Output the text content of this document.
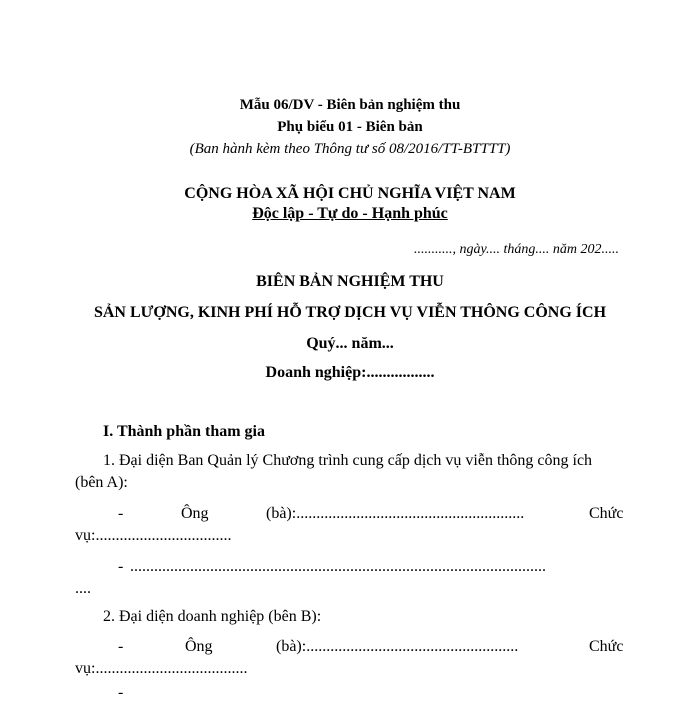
Mẫu 06/DV - Biên bản nghiệm thu
Phụ biểu 01 - Biên bản
(Ban hành kèm theo Thông tư số 08/2016/TT-BTTTT)
CỘNG HÒA XÃ HỘI CHỦ NGHĨA VIỆT NAM
Độc lập - Tự do - Hạnh phúc
..........., ngày.... tháng.... năm 202.....
BIÊN BẢN NGHIỆM THU
SẢN LƯỢNG, KINH PHÍ HỖ TRỢ DỊCH VỤ VIỄN THÔNG CÔNG ÍCH
Quý... năm...
Doanh nghiệp:.................
I. Thành phần tham gia
1. Đại diện Ban Quản lý Chương trình cung cấp dịch vụ viễn thông công ích
(bên A):
-	Ông	(bà):.........................................................	Chức
vụ:..................................
- ........................................................................................................
....
2. Đại diện doanh nghiệp (bên B):
-	Ông	(bà):.....................................................	Chức
vụ:......................................
-
